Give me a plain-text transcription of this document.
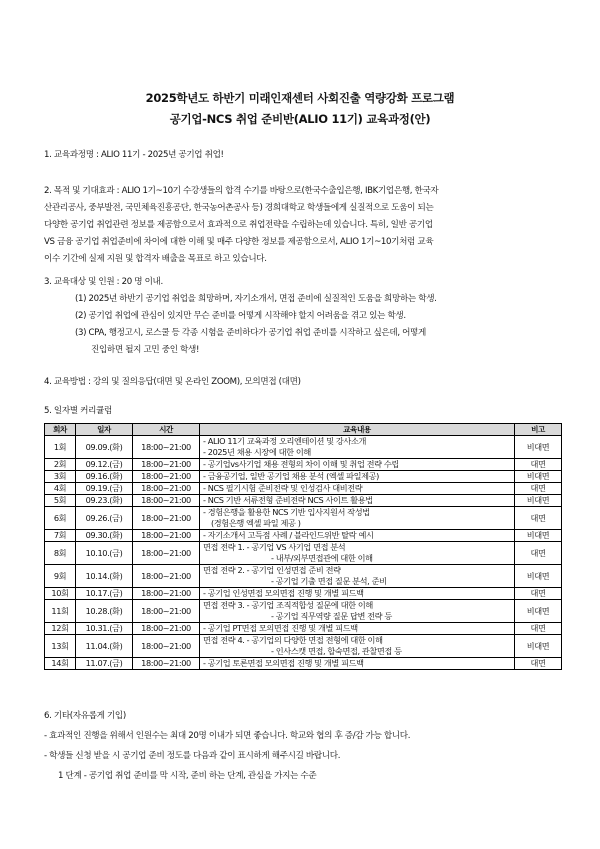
2025학년도 하반기 미래인재센터 사회진출 역량강화 프로그램
공기업-NCS 취업 준비반(ALIO 11기) 교육과정(안)

1. 교육과정명 : ALIO 11기 - 2025년 공기업 취업!

2. 목적 및 기대효과 : ALIO 1기~10기 수강생들의 합격 수기를 바탕으로(한국수출입은행, IBK기업은행, 한국자

산관리공사, 중부발전, 국민체육진흥공단, 한국농어촌공사 등) 경희대학교 학생들에게 실질적으로 도움이 되는

다양한 공기업 취업관련 정보를 제공함으로서 효과적으로 취업전략을 수립하는데 있습니다. 특히, 일반 공기업

VS 금융 공기업 취업준비에 차이에 대한 이해 및 매주 다양한 정보를 제공함으로서, ALIO 1기~10기처럼 교육

이수 기간에 실제 지원 및 합격자 배출을 목표로 하고 있습니다.

3. 교육대상 및 인원 : 20 명 이내.

(1) 2025년 하반기 공기업 취업을 희망하며, 자기소개서, 면접 준비에 실질적인 도움을 희망하는 학생.

(2) 공기업 취업에 관심이 있지만 무슨 준비를 어떻게 시작해야 할지 어려움을 겪고 있는 학생.

(3) CPA, 행정고시, 로스쿨 등 각종 시험을 준비하다가 공기업 취업 준비를 시작하고 싶은데, 어떻게

진입하면 될지 고민 중인 학생!

4. 교육방법 : 강의 및 질의응답(대면 및 온라인 ZOOM), 모의면접 (대면)

5. 일자별 커리큘럼

회차	일자	시간	교육내용	비고
1회	09.09.(화)	18:00~21:00	- ALIO 11기 교육과정 오리엔테이션 및 강사소개
- 2025년 채용 시장에 대한 이해	비대면
2회	09.12.(금)	18:00~21:00	- 공기업vs사기업 채용 전형의 차이 이해 및 취업 전략 수립	대면
3회	09.16.(화)	18:00~21:00	- 금융공기업, 일반 공기업 채용 분석 (엑셀 파일제공)	비대면
4회	09.19.(금)	18:00~21:00	- NCS 필기시험 준비전략 및 인성검사 대비전략	대면
5회	09.23.(화)	18:00~21:00	- NCS 기반 서류전형 준비전략 NCS 사이트 활용법	비대면
6회	09.26.(금)	18:00~21:00	- 경험은행을 활용한 NCS 기반 입사지원서 작성법
(경험은행 엑셀 파일 제공 )	대면
7회	09.30.(화)	18:00~21:00	- 자기소개서 고득점 사례 / 블라인드위반 탈락 예시	비대면
8회	10.10.(금)	18:00~21:00	면접 전략 1. - 공기업 VS 사기업 면접 분석
- 내부/외부면접관에 대한 이해	대면
9회	10.14.(화)	18:00~21:00	면접 전략 2. - 공기업 인성면접 준비 전략
- 공기업 기출 면접 질문 분석, 준비	비대면
10회	10.17.(금)	18:00~21:00	- 공기업 인성면접 모의면접 진행 및 개별 피드백	대면
11회	10.28.(화)	18:00~21:00	면접 전략 3. - 공기업 조직적합성 질문에 대한 이해
- 공기업 직무역량 질문 답변 전략 등	비대면
12회	10.31.(금)	18:00~21:00	- 공기업 PT면접 모의면접 진행 및 개별 피드백	대면
13회	11.04.(화)	18:00~21:00	면접 전략 4. - 공기업의 다양한 면접 전형에 대한 이해
- 인사스캣 면접, 합숙면접, 관찰면접 등	비대면
14회	11.07.(금)	18:00~21:00	- 공기업 토론면접 모의면접 진행 및 개별 피드백	대면

6. 기타(자유롭게 기입)

- 효과적인 진행을 위해서 인원수는 최대 20명 이내가 되면 좋습니다. 학교와 협의 후 증/감 가능 합니다.

- 학생들 신청 받을 시 공기업 준비 정도를 다음과 같이 표시하게 해주시길 바랍니다.

1 단계 - 공기업 취업 준비를 막 시작, 준비 하는 단계, 관심을 가지는 수준
